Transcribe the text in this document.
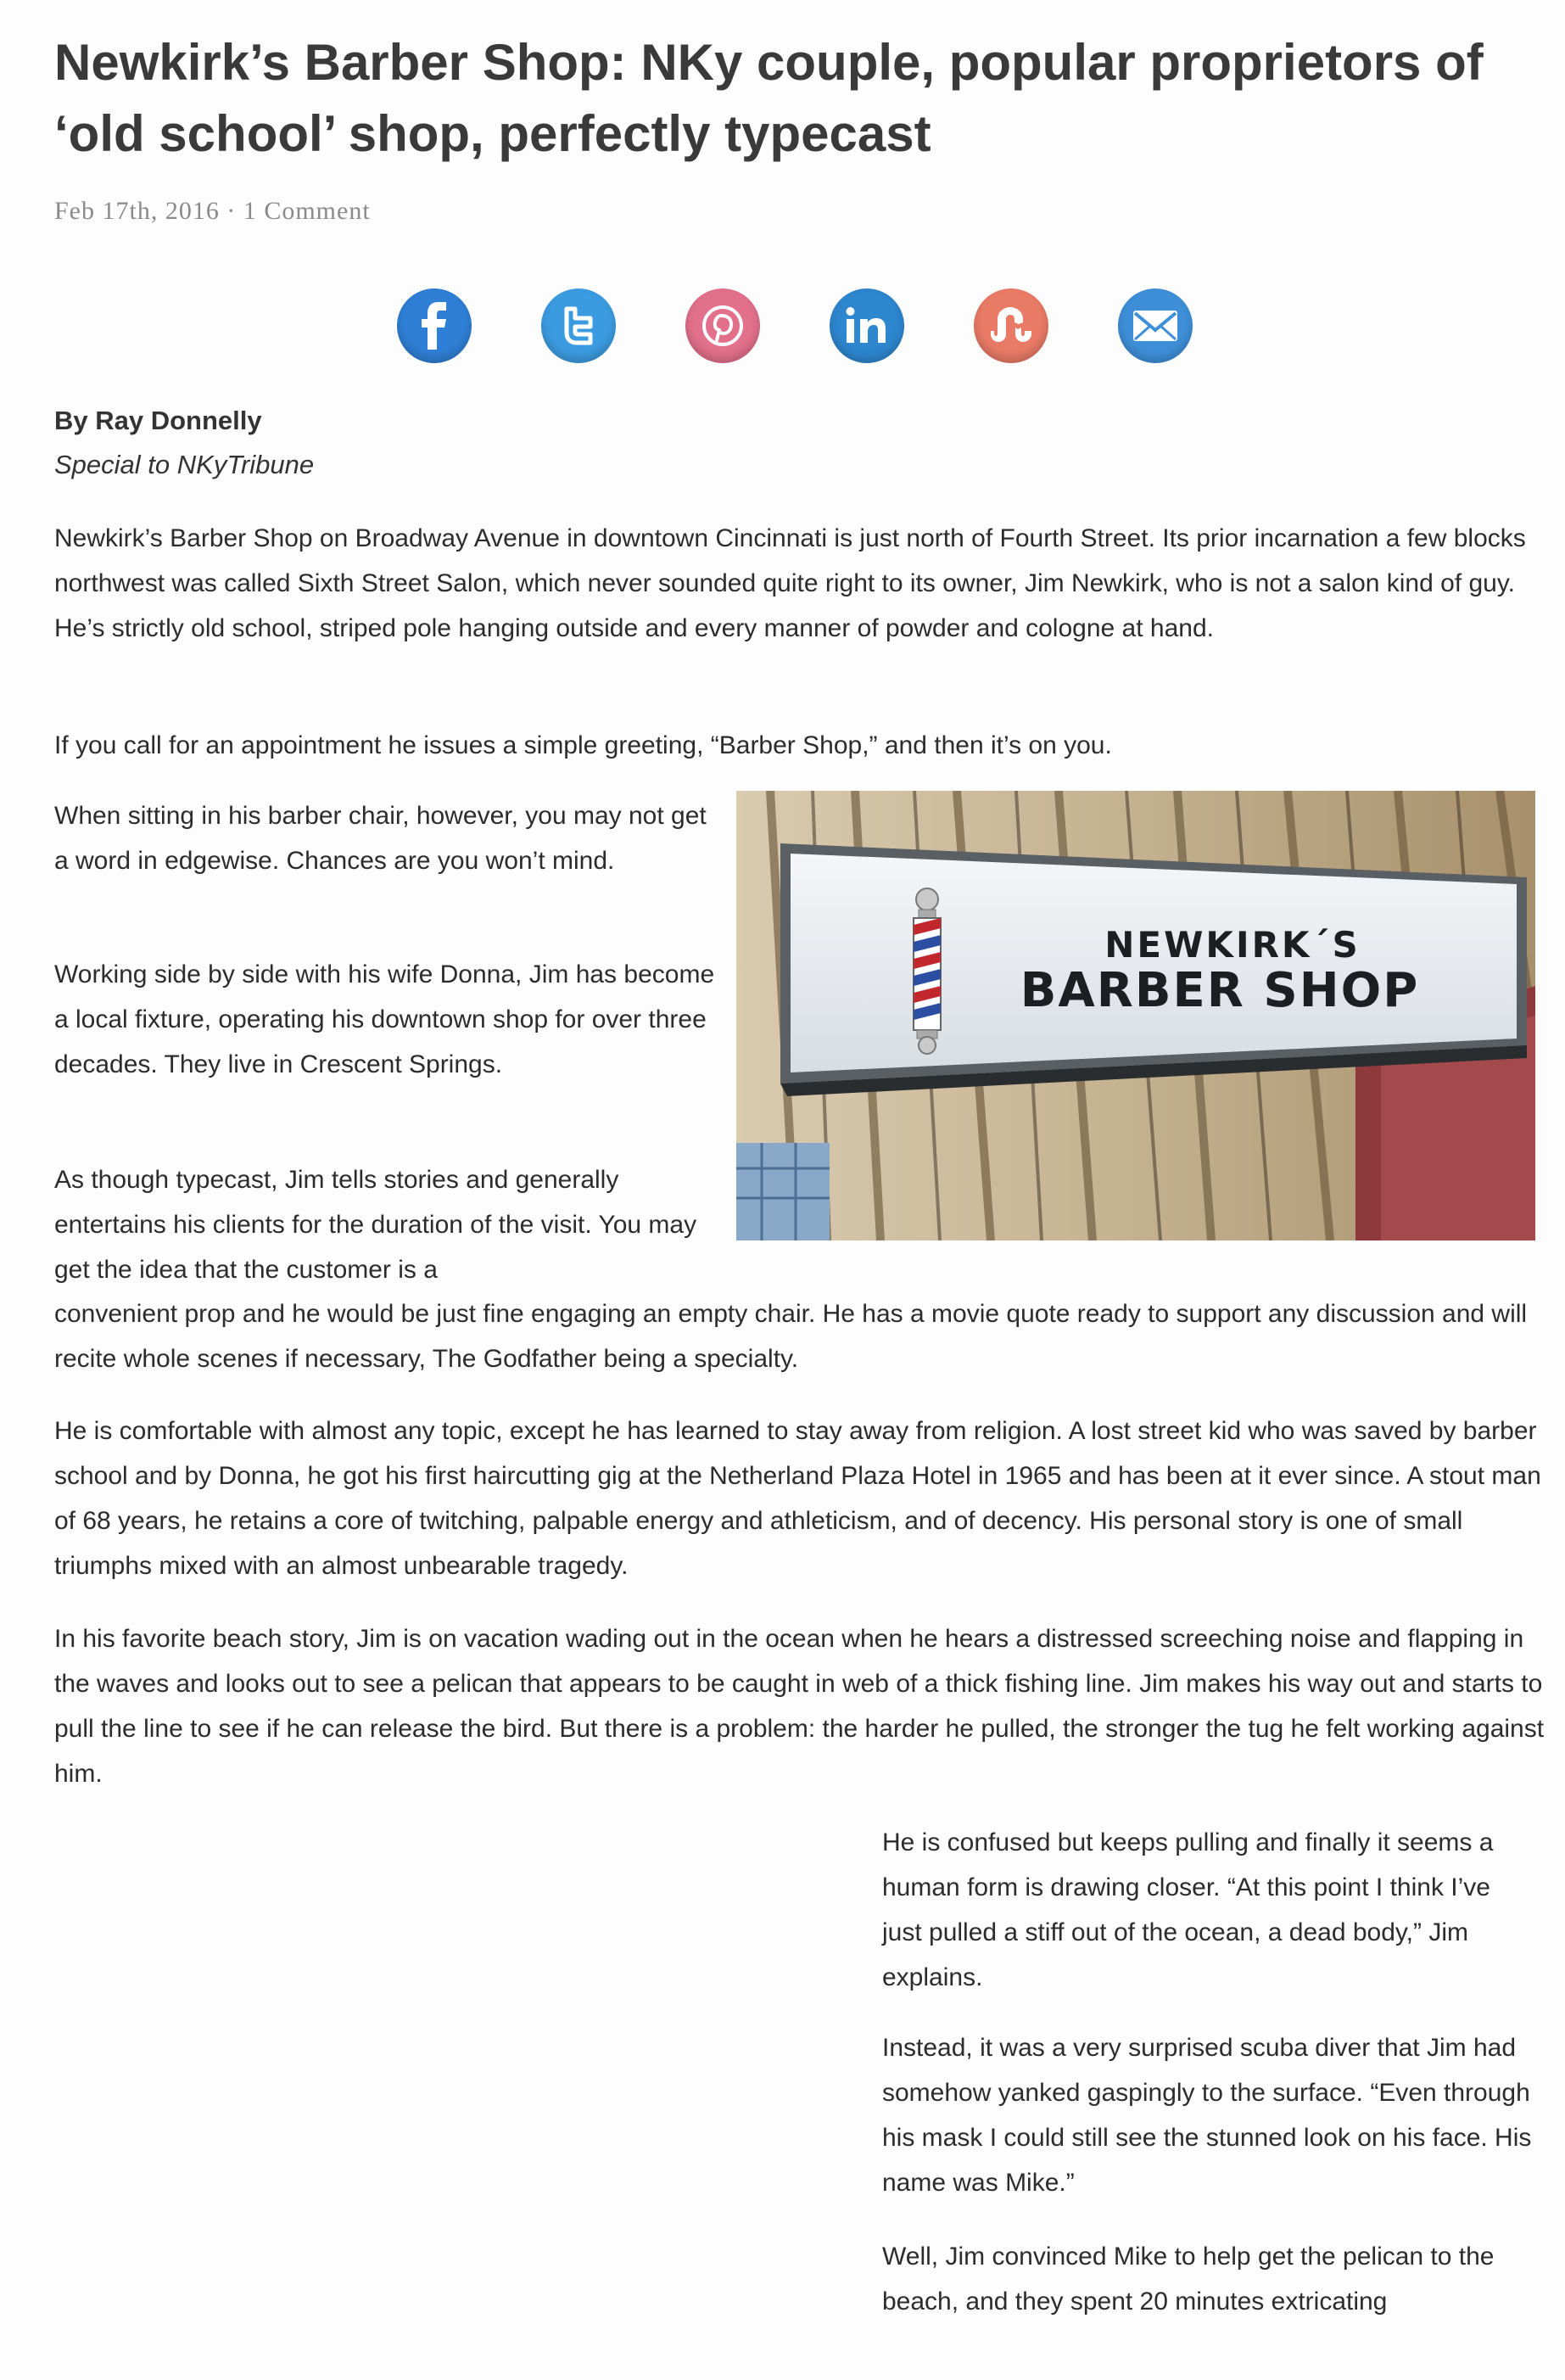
Newkirk’s Barber Shop: NKy couple, popular proprietors of ‘old school’ shop, perfectly typecast
Feb 17th, 2016 · 1 Comment
By Ray Donnelly
Special to NKyTribune

Newkirk’s Barber Shop on Broadway Avenue in downtown Cincinnati is just north of Fourth Street. Its prior incarnation a few blocks northwest was called Sixth Street Salon, which never sounded quite right to its owner, Jim Newkirk, who is not a salon kind of guy. He’s strictly old school, striped pole hanging outside and every manner of powder and cologne at hand.

If you call for an appointment he issues a simple greeting, “Barber Shop,” and then it’s on you.

When sitting in his barber chair, however, you may not get a word in edgewise. Chances are you won’t mind.

Working side by side with his wife Donna, Jim has become a local fixture, operating his downtown shop for over three decades. They live in Crescent Springs.

As though typecast, Jim tells stories and generally entertains his clients for the duration of the visit. You may get the idea that the customer is a

convenient prop and he would be just fine engaging an empty chair. He has a movie quote ready to support any discussion and will recite whole scenes if necessary, The Godfather being a specialty.

He is comfortable with almost any topic, except he has learned to stay away from religion. A lost street kid who was saved by barber school and by Donna, he got his first haircutting gig at the Netherland Plaza Hotel in 1965 and has been at it ever since. A stout man of 68 years, he retains a core of twitching, palpable energy and athleticism, and of decency. His personal story is one of small triumphs mixed with an almost unbearable tragedy.

In his favorite beach story, Jim is on vacation wading out in the ocean when he hears a distressed screeching noise and flapping in the waves and looks out to see a pelican that appears to be caught in web of a thick fishing line. Jim makes his way out and starts to pull the line to see if he can release the bird. But there is a problem: the harder he pulled, the stronger the tug he felt working against him.

He is confused but keeps pulling and finally it seems a human form is drawing closer. “At this point I think I’ve just pulled a stiff out of the ocean, a dead body,” Jim explains.

Instead, it was a very surprised scuba diver that Jim had somehow yanked gaspingly to the surface. “Even through his mask I could still see the stunned look on his face. His name was Mike.”

Well, Jim convinced Mike to help get the pelican to the beach, and they spent 20 minutes extricating

NEWKIRK´S
BARBER SHOP
